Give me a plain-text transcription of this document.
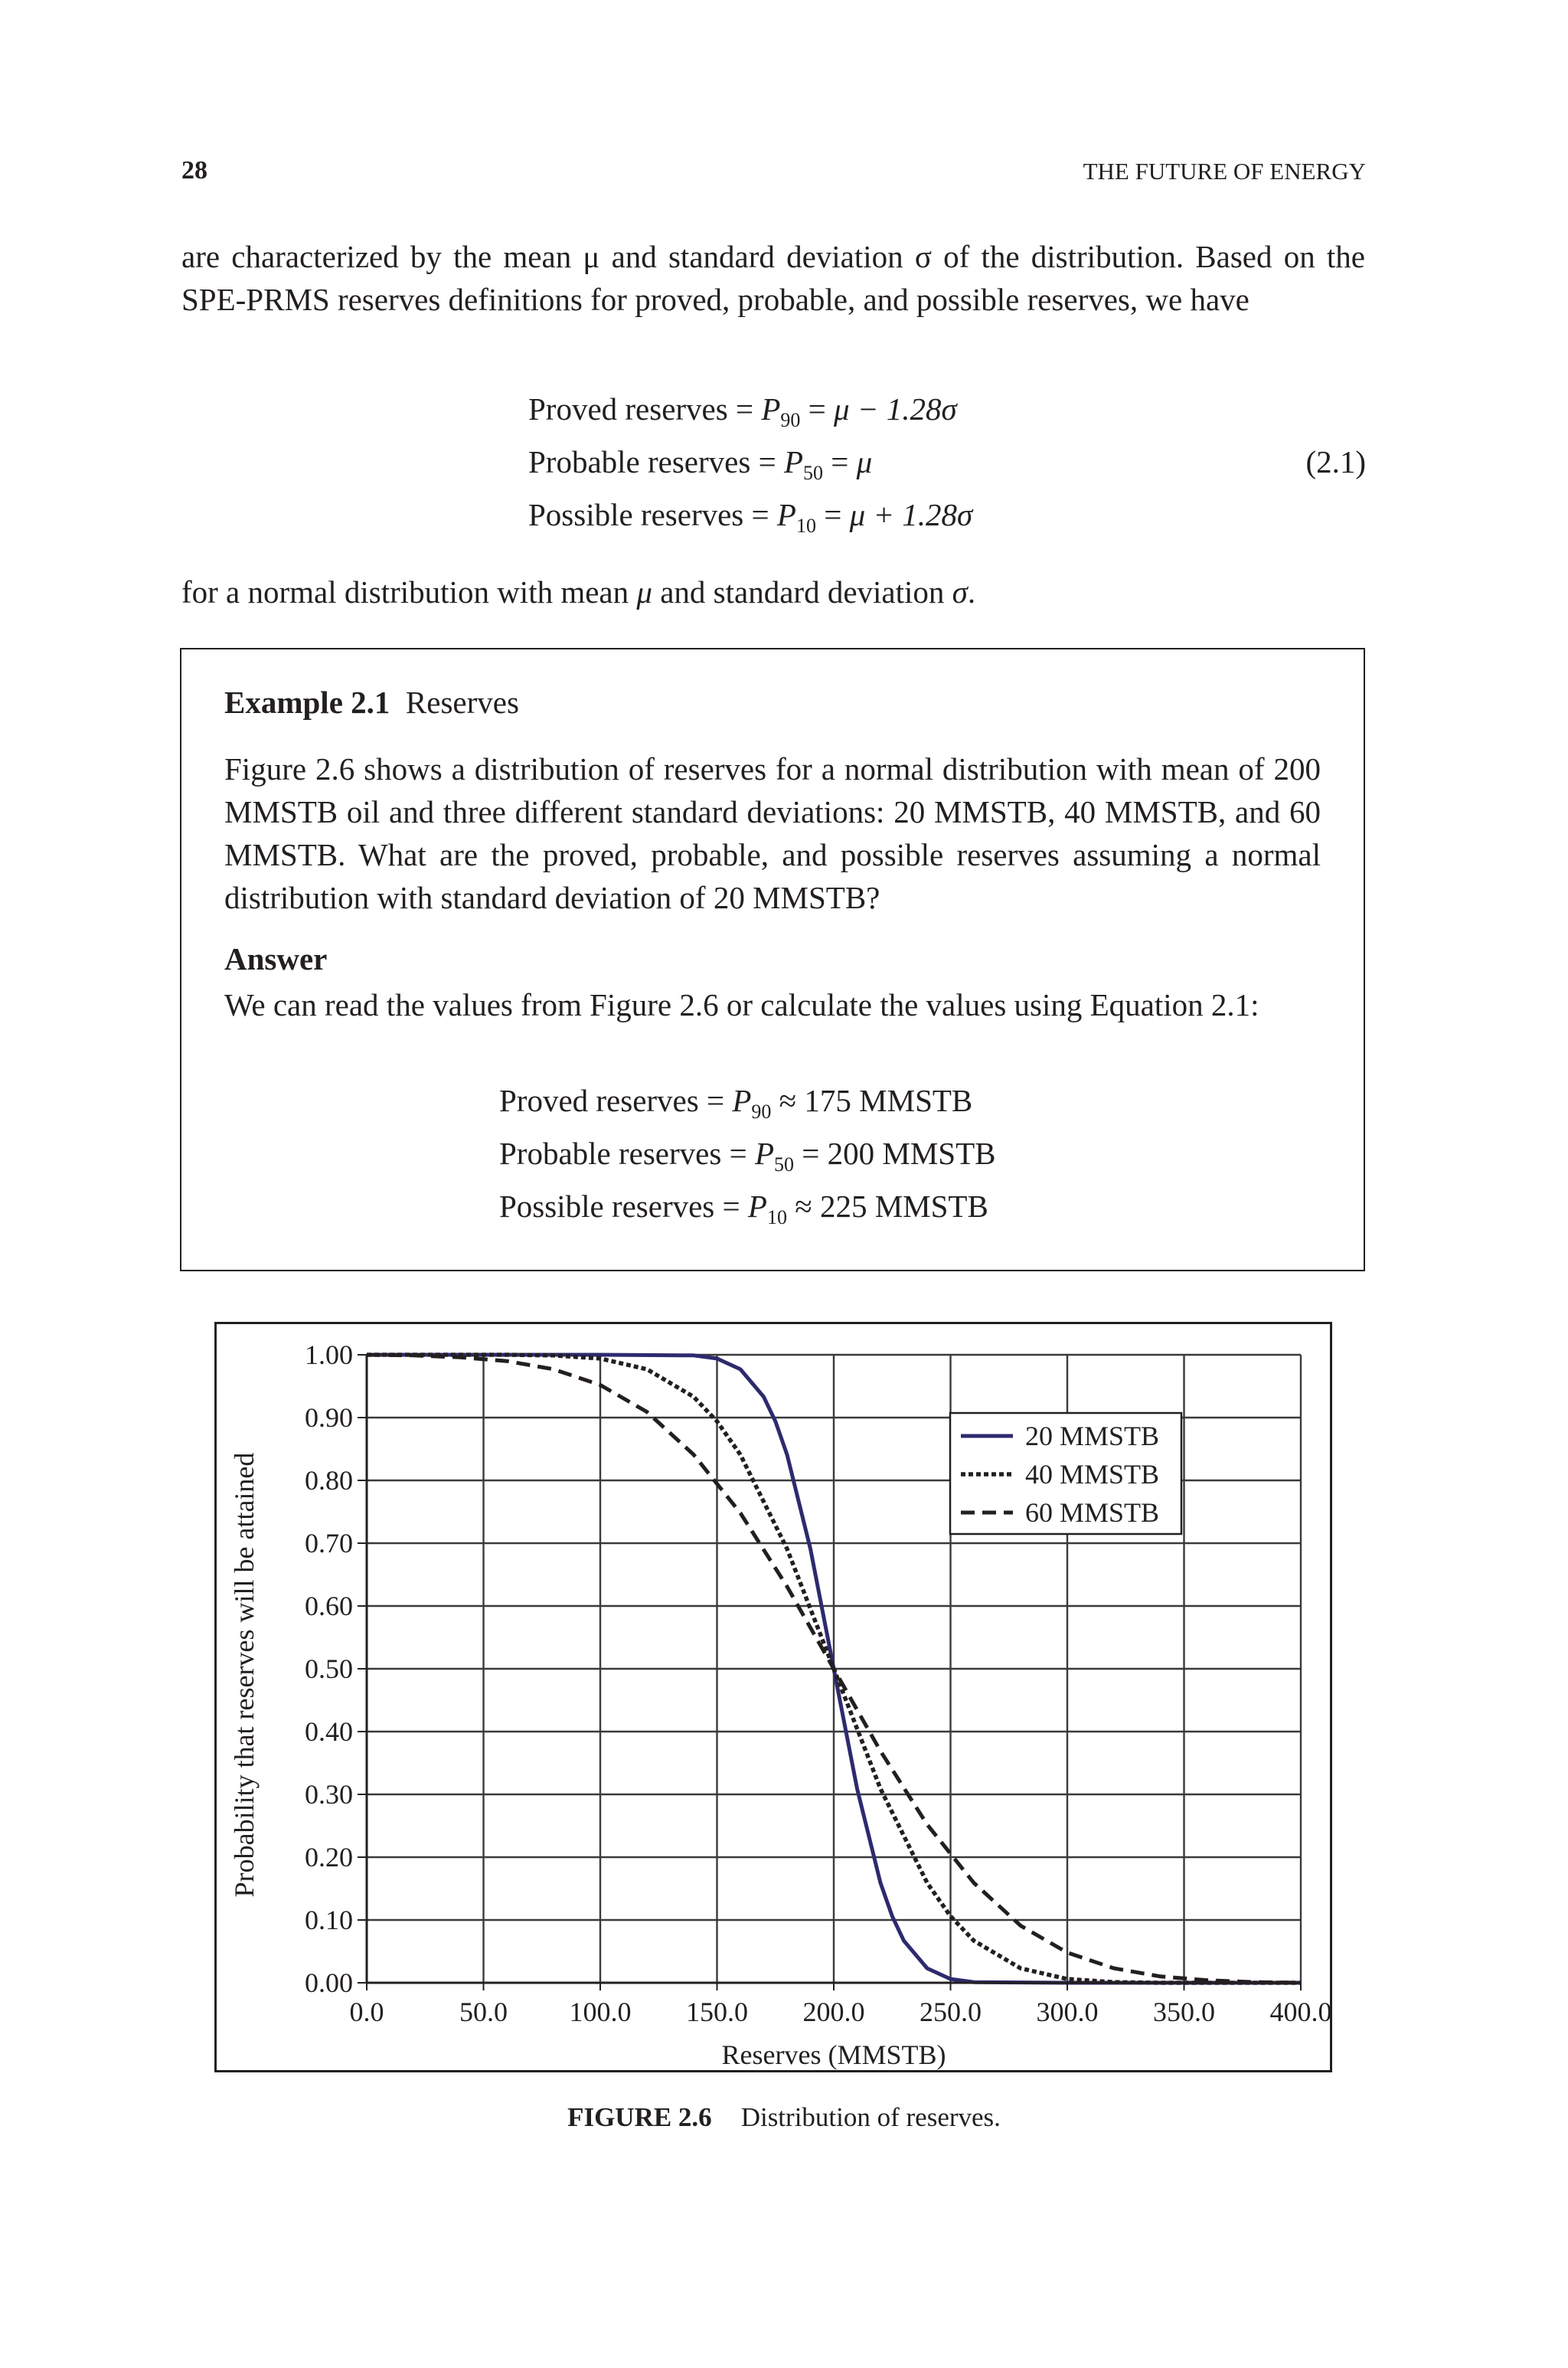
28	THE FUTURE OF ENERGY
are characterized by the mean μ and standard deviation σ of the distribution. Based on the SPE-PRMS reserves definitions for proved, probable, and possible reserves, we have
Proved reserves = $P_{90} = \mu - 1.28\sigma$
Probable reserves = $P_{50} = \mu$
Possible reserves = $P_{10} = \mu + 1.28\sigma$
(2.1)
for a normal distribution with mean μ and standard deviation σ.
Example 2.1 Reserves
Figure 2.6 shows a distribution of reserves for a normal distribution with mean of 200 MMSTB oil and three different standard deviations: 20 MMSTB, 40 MMSTB, and 60 MMSTB. What are the proved, probable, and possible reserves assuming a normal distribution with standard deviation of 20 MMSTB?
Answer
We can read the values from Figure 2.6 or calculate the values using Equation 2.1:
Proved reserves = $P_{90} \approx 175$ MMSTB
Probable reserves = $P_{50} = 200$ MMSTB
Possible reserves = $P_{10} \approx 225$ MMSTB
0.0	50.0 100.0 150.0 200.0 250.0 300.0 350.0 400.0
0.00
0.10
0.20
0.30
0.40
0.50
0.60
0.70
0.80
0.90
1.00
Reserves (MMSTB)
Probability that reserves will be attained
20 MMSTB
40 MMSTB
60 MMSTB
FIGURE 2.6 Distribution of reserves.
